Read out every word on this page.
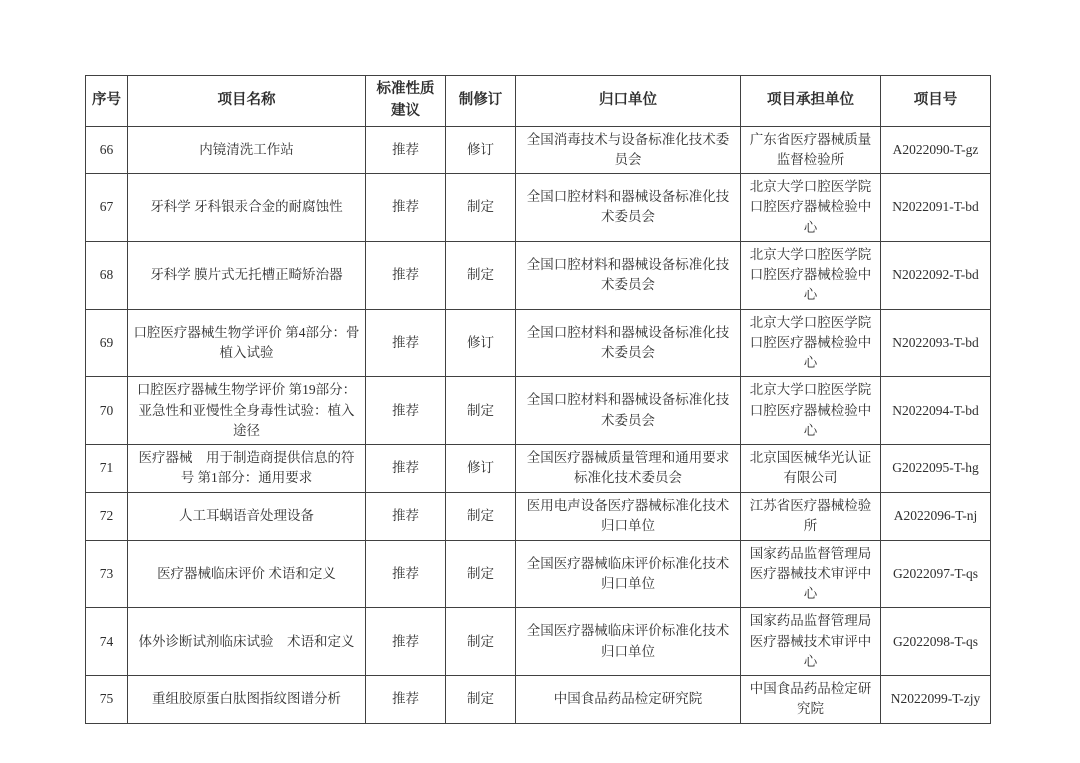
序号	项目名称	标准性质建议	制修订	归口单位	项目承担单位	项目号
66	内镜清洗工作站	推荐	修订	全国消毒技术与设备标准化技术委员会	广东省医疗器械质量监督检验所	A2022090-T-gz
67	牙科学 牙科银汞合金的耐腐蚀性	推荐	制定	全国口腔材料和器械设备标准化技术委员会	北京大学口腔医学院口腔医疗器械检验中心	N2022091-T-bd
68	牙科学 膜片式无托槽正畸矫治器	推荐	制定	全国口腔材料和器械设备标准化技术委员会	北京大学口腔医学院口腔医疗器械检验中心	N2022092-T-bd
69	口腔医疗器械生物学评价 第4部分：骨植入试验	推荐	修订	全国口腔材料和器械设备标准化技术委员会	北京大学口腔医学院口腔医疗器械检验中心	N2022093-T-bd
70	口腔医疗器械生物学评价 第19部分：亚急性和亚慢性全身毒性试验：植入途径	推荐	制定	全国口腔材料和器械设备标准化技术委员会	北京大学口腔医学院口腔医疗器械检验中心	N2022094-T-bd
71	医疗器械　用于制造商提供信息的符号 第1部分：通用要求	推荐	修订	全国医疗器械质量管理和通用要求标准化技术委员会	北京国医械华光认证有限公司	G2022095-T-hg
72	人工耳蜗语音处理设备	推荐	制定	医用电声设备医疗器械标准化技术归口单位	江苏省医疗器械检验所	A2022096-T-nj
73	医疗器械临床评价 术语和定义	推荐	制定	全国医疗器械临床评价标准化技术归口单位	国家药品监督管理局医疗器械技术审评中心	G2022097-T-qs
74	体外诊断试剂临床试验　术语和定义	推荐	制定	全国医疗器械临床评价标准化技术归口单位	国家药品监督管理局医疗器械技术审评中心	G2022098-T-qs
75	重组胶原蛋白肽图指纹图谱分析	推荐	制定	中国食品药品检定研究院	中国食品药品检定研究院	N2022099-T-zjy
